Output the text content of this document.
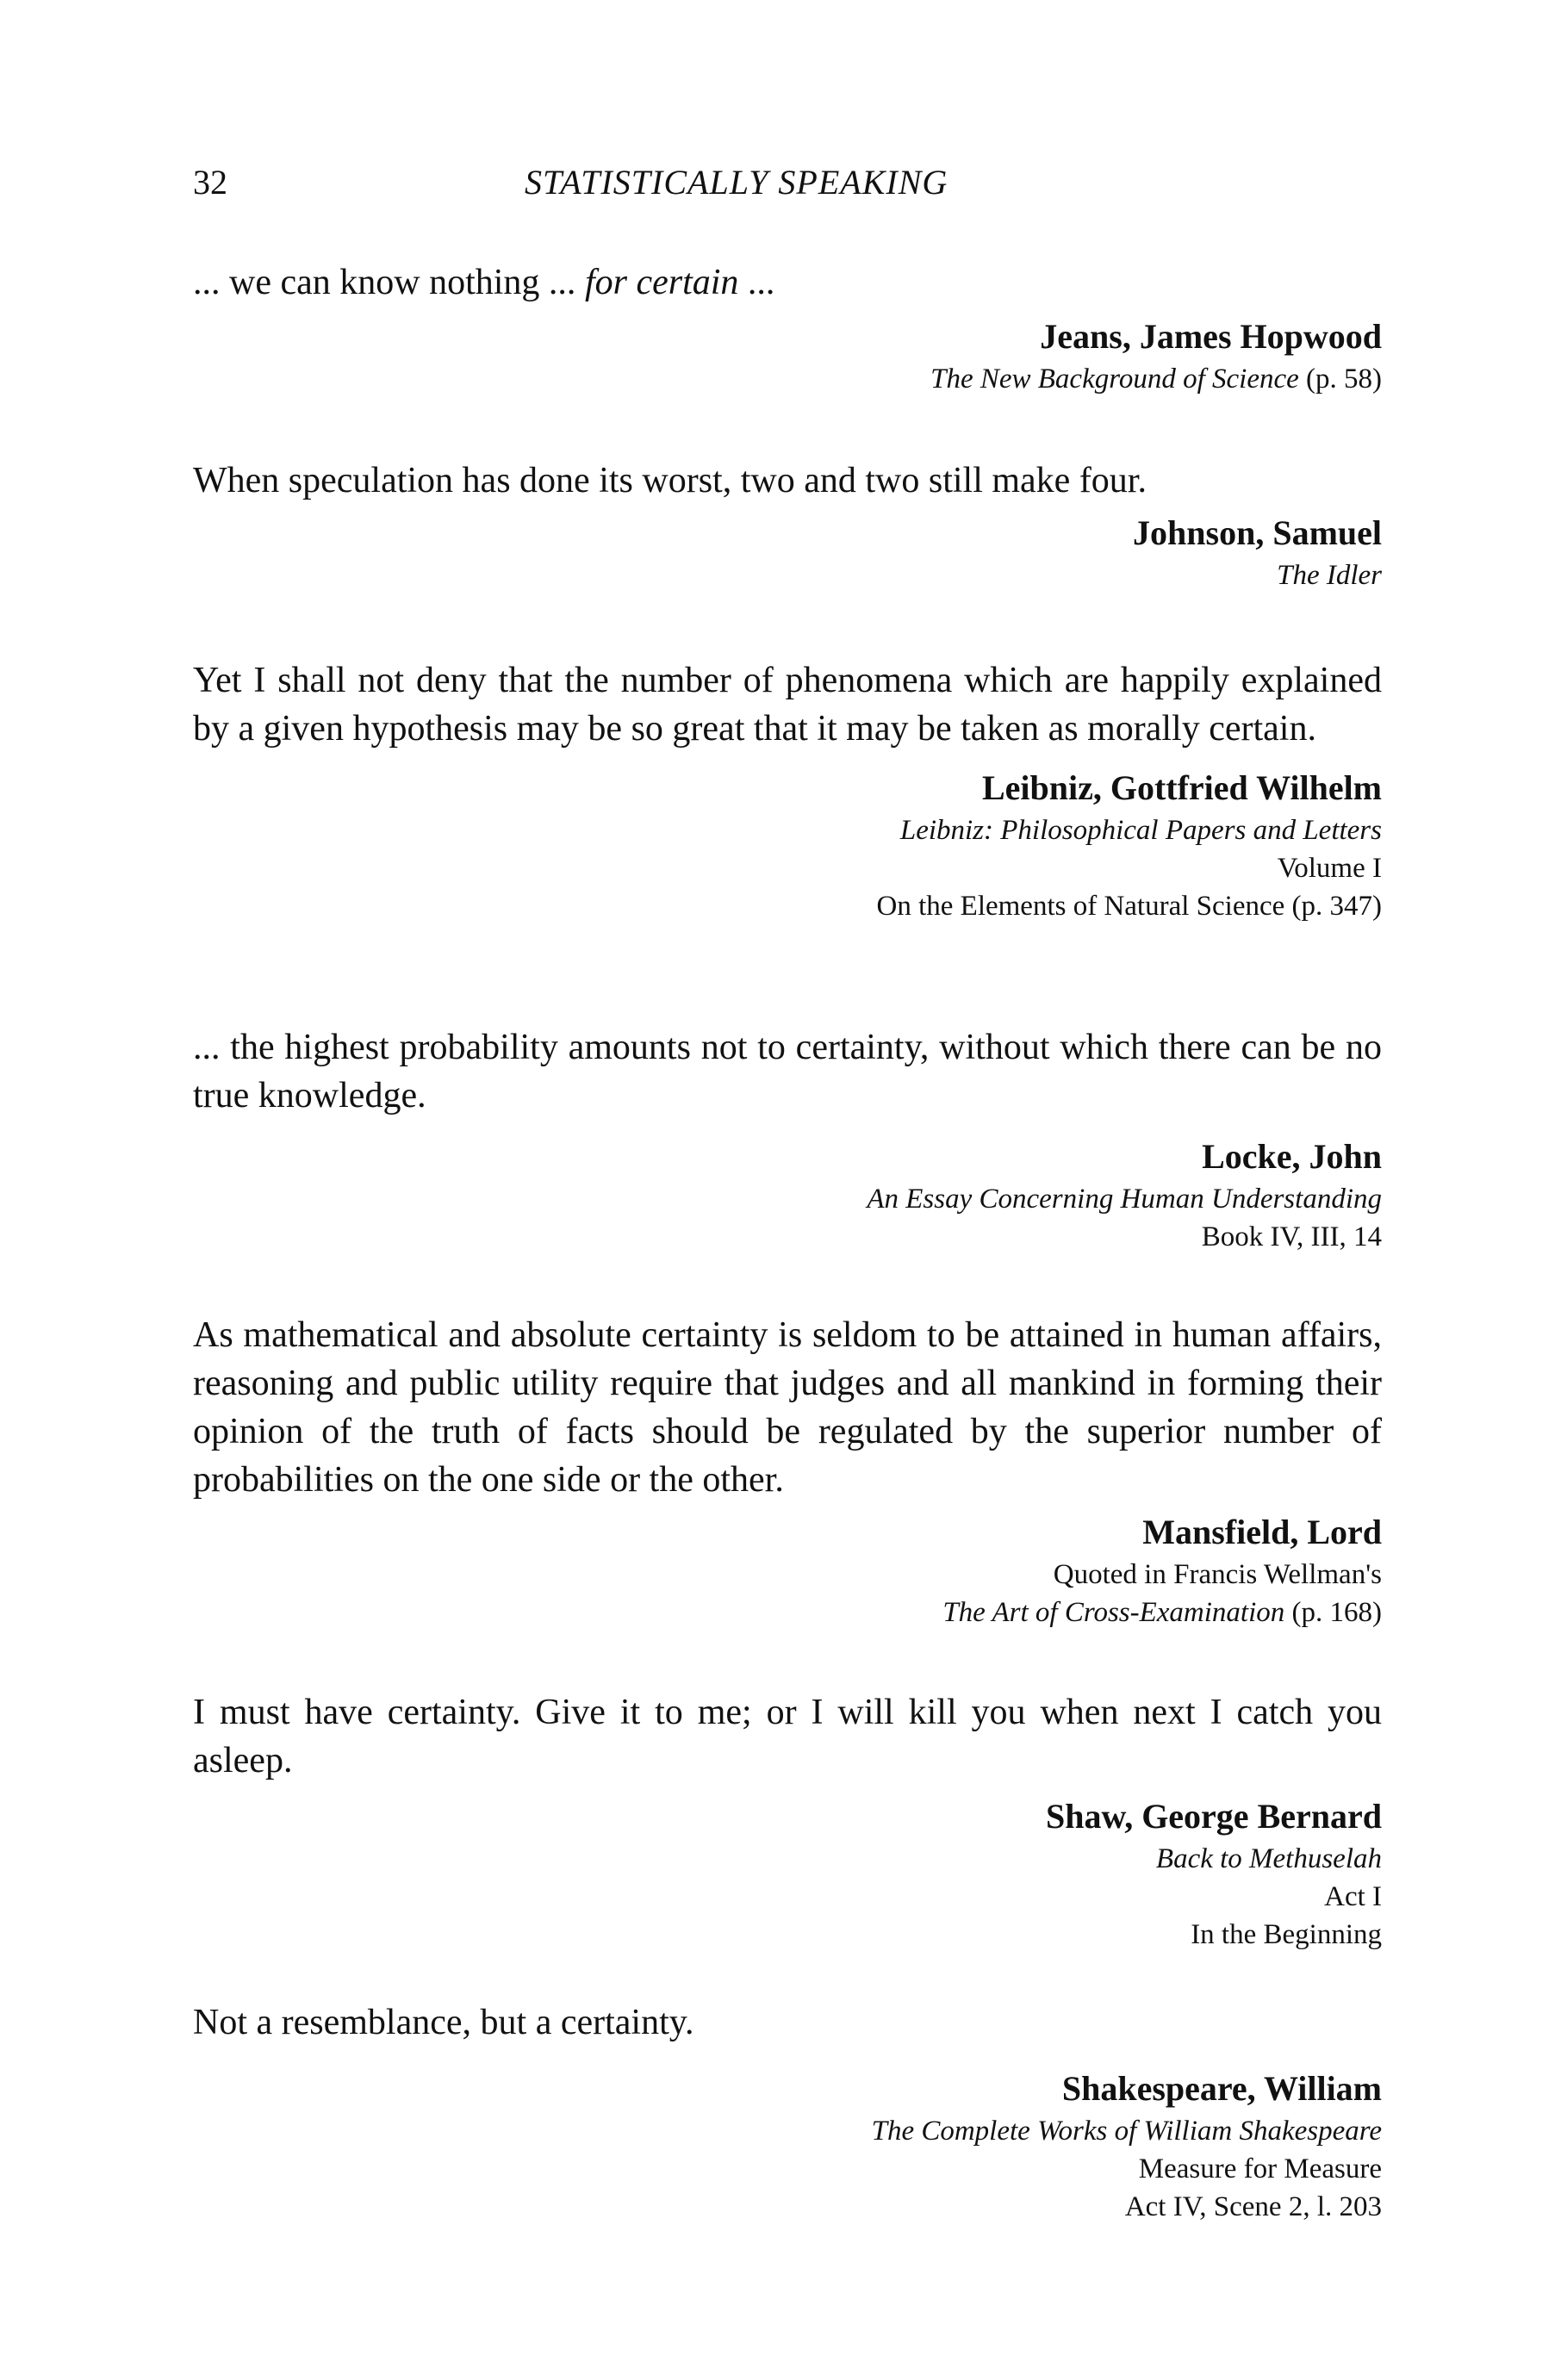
32	STATISTICALLY SPEAKING

... we can know nothing ... for certain ...

Jeans, James Hopwood
The New Background of Science (p. 58)

When speculation has done its worst, two and two still make four.

Johnson, Samuel
The Idler

Yet I shall not deny that the number of phenomena which are happily explained by a given hypothesis may be so great that it may be taken as morally certain.

Leibniz, Gottfried Wilhelm
Leibniz: Philosophical Papers and Letters
Volume I
On the Elements of Natural Science (p. 347)

... the highest probability amounts not to certainty, without which there can be no true knowledge.

Locke, John
An Essay Concerning Human Understanding
Book IV, III, 14

As mathematical and absolute certainty is seldom to be attained in human affairs, reasoning and public utility require that judges and all mankind in forming their opinion of the truth of facts should be regulated by the superior number of probabilities on the one side or the other.

Mansfield, Lord
Quoted in Francis Wellman's
The Art of Cross-Examination (p. 168)

I must have certainty. Give it to me; or I will kill you when next I catch you asleep.

Shaw, George Bernard
Back to Methuselah
Act I
In the Beginning

Not a resemblance, but a certainty.

Shakespeare, William
The Complete Works of William Shakespeare
Measure for Measure
Act IV, Scene 2, l. 203
